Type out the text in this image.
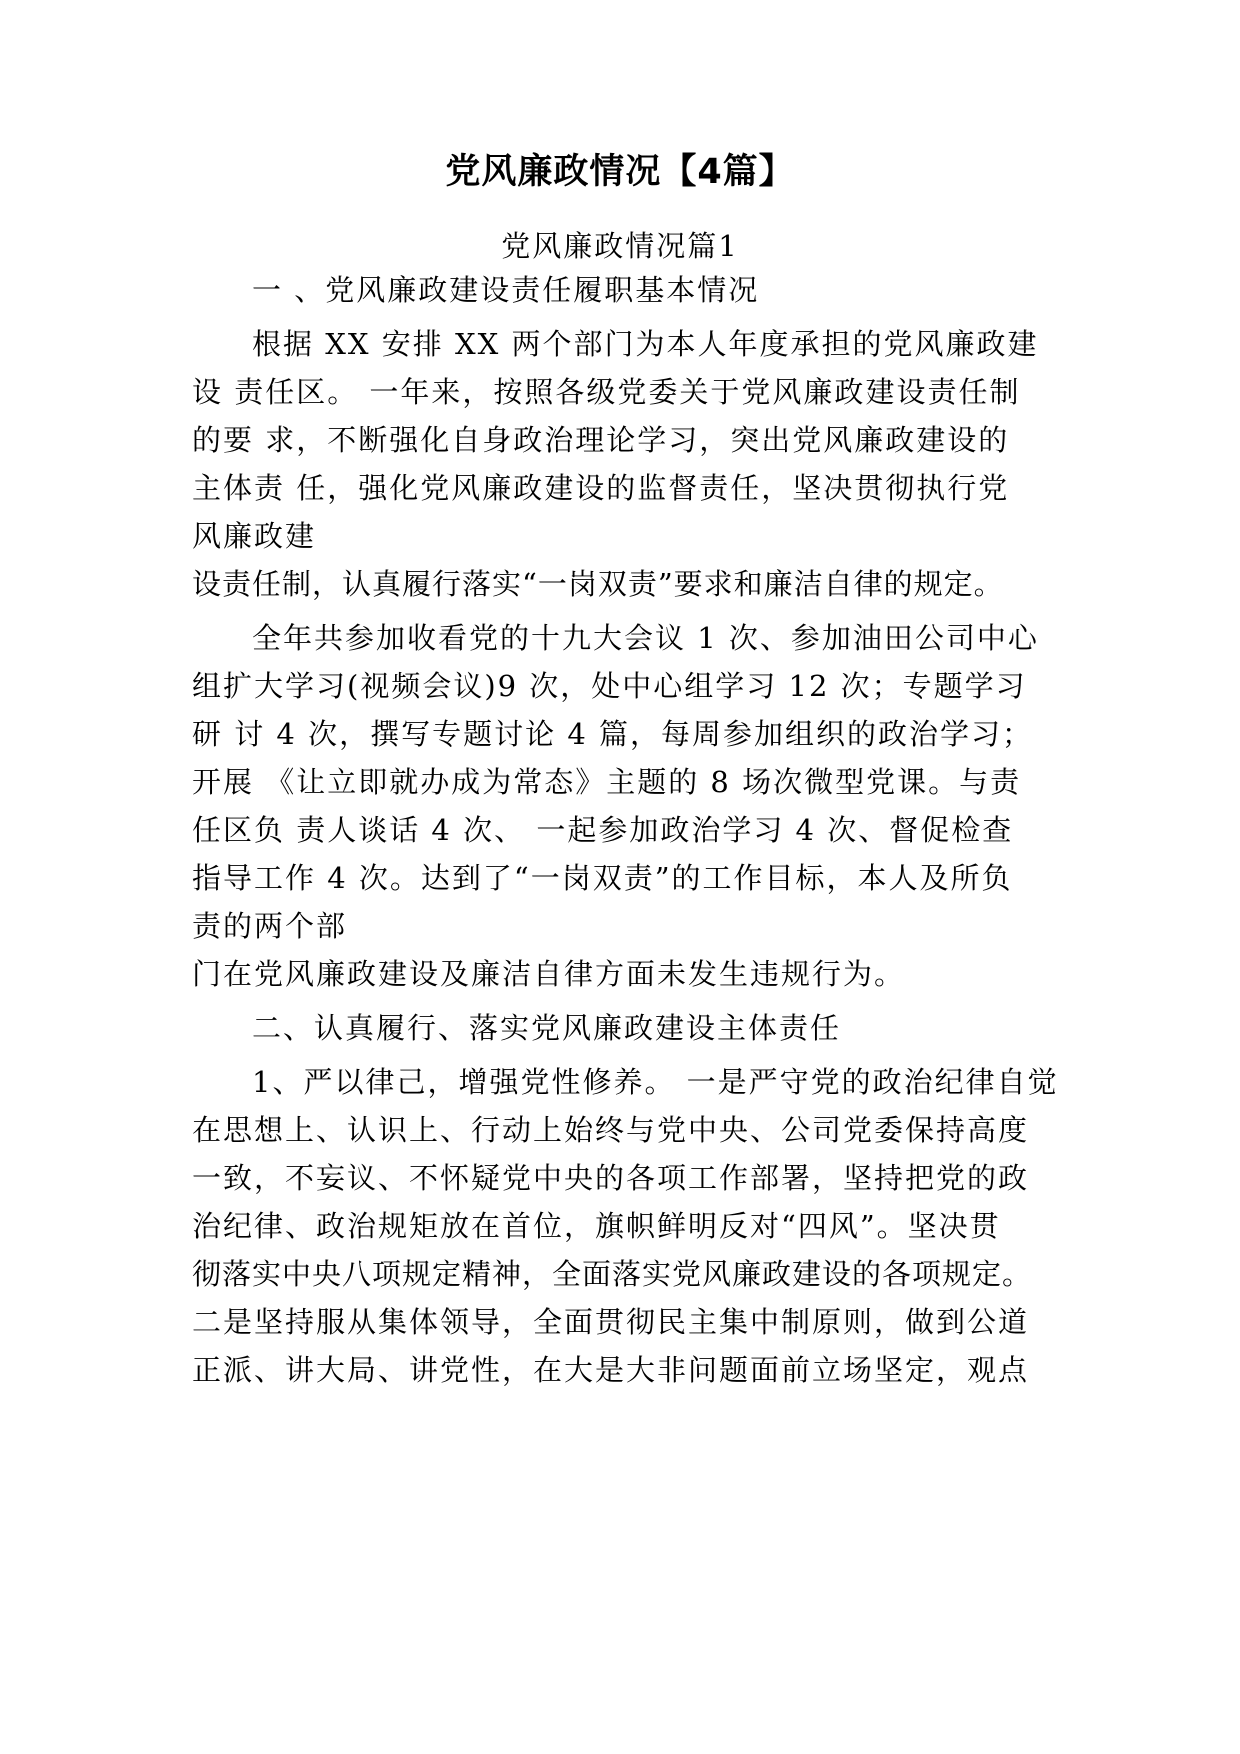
党风廉政情况【4篇】
党风廉政情况篇1
一 、党风廉政建设责任履职基本情况
根据 XX 安排 XX 两个部门为本人年度承担的党风廉政建
设 责任区。 一年来，按照各级党委关于党风廉政建设责任制
的要 求，不断强化自身政治理论学习，突出党风廉政建设的
主体责 任，强化党风廉政建设的监督责任，坚决贯彻执行党
风廉政建
设责任制，认真履行落实“一岗双责”要求和廉洁自律的规定。
全年共参加收看党的十九大会议 1 次、参加油田公司中心
组扩大学习(视频会议)9 次，处中心组学习 12 次；专题学习
研 讨 4 次，撰写专题讨论 4 篇，每周参加组织的政治学习；
开展 《让立即就办成为常态》主题的 8 场次微型党课。与责
任区负 责人谈话 4 次、 一起参加政治学习 4 次、督促检查
指导工作 4 次。达到了“一岗双责”的工作目标，本人及所负
责的两个部
门在党风廉政建设及廉洁自律方面未发生违规行为。
二、认真履行、落实党风廉政建设主体责任
1、严以律己，增强党性修养。 一是严守党的政治纪律自觉
在思想上、认识上、行动上始终与党中央、公司党委保持高度
一致，不妄议、不怀疑党中央的各项工作部署，坚持把党的政
治纪律、政治规矩放在首位，旗帜鲜明反对“四风”。坚决贯
彻落实中央八项规定精神，全面落实党风廉政建设的各项规定。
二是坚持服从集体领导，全面贯彻民主集中制原则，做到公道
正派、讲大局、讲党性，在大是大非问题面前立场坚定，观点
